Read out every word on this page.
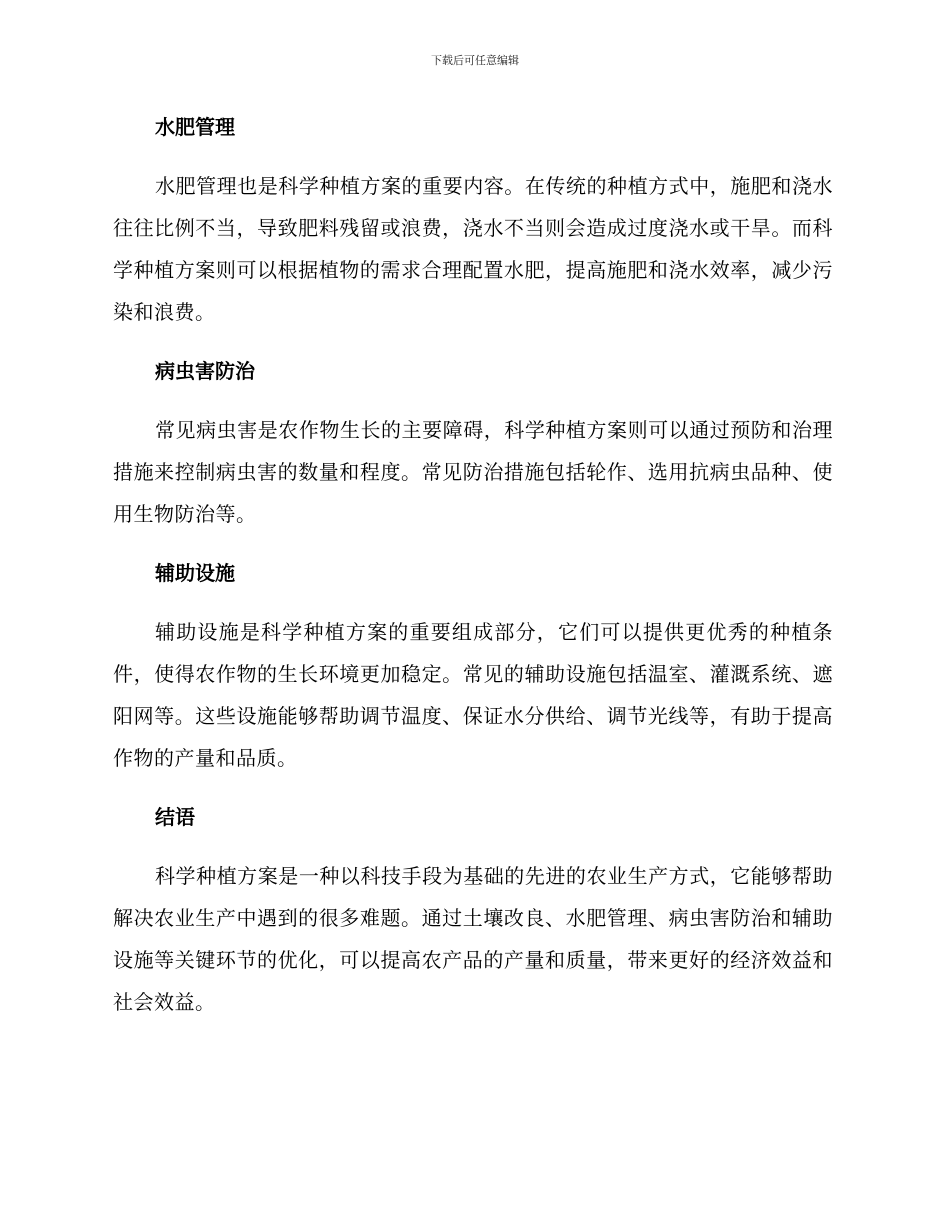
下载后可任意编辑
水肥管理

水肥管理也是科学种植方案的重要内容。在传统的种植方式中，施肥和浇水往往比例不当，导致肥料残留或浪费，浇水不当则会造成过度浇水或干旱。而科学种植方案则可以根据植物的需求合理配置水肥，提高施肥和浇水效率，减少污染和浪费。

病虫害防治

常见病虫害是农作物生长的主要障碍，科学种植方案则可以通过预防和治理措施来控制病虫害的数量和程度。常见防治措施包括轮作、选用抗病虫品种、使用生物防治等。

辅助设施

辅助设施是科学种植方案的重要组成部分，它们可以提供更优秀的种植条件，使得农作物的生长环境更加稳定。常见的辅助设施包括温室、灌溉系统、遮阳网等。这些设施能够帮助调节温度、保证水分供给、调节光线等，有助于提高作物的产量和品质。

结语

科学种植方案是一种以科技手段为基础的先进的农业生产方式，它能够帮助解决农业生产中遇到的很多难题。通过土壤改良、水肥管理、病虫害防治和辅助设施等关键环节的优化，可以提高农产品的产量和质量，带来更好的经济效益和社会效益。
